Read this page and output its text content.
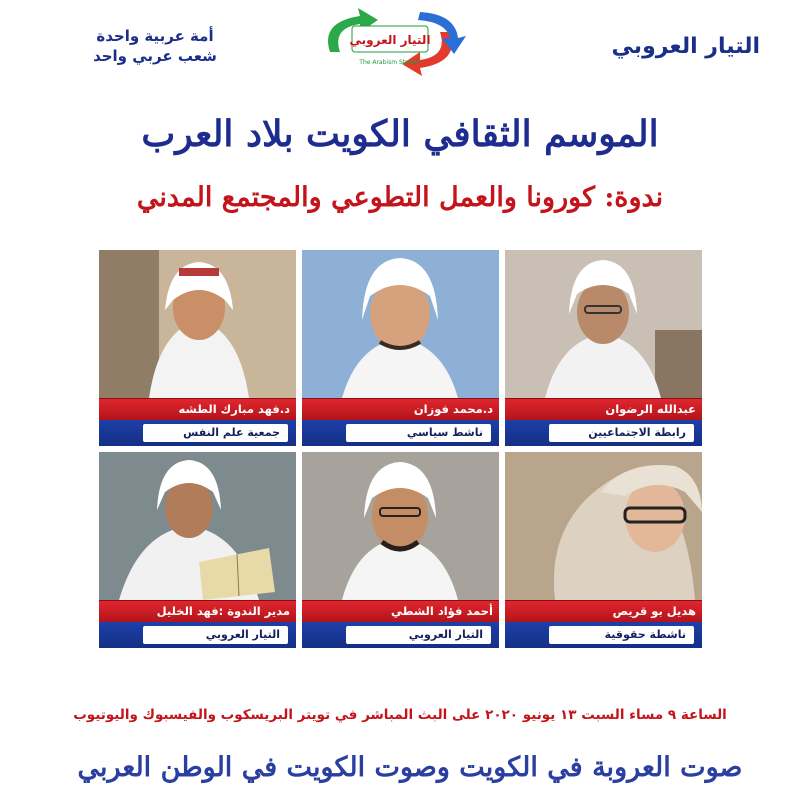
أمة عربية واحدة
شعب عربي واحد
التيار العروبي
The Arabism Stream
التيار العروبي
الموسم الثقافي الكويت بلاد العرب
ندوة: كورونا والعمل التطوعي والمجتمع المدني
د.فهد مبارك الطشه
جمعية علم النفس
د.محمد فوزان
ناشط سياسي
عبدالله الرضوان
رابطة الاجتماعيين
مدير الندوة :فهد الخليل
التيار العروبي
أحمد فؤاد الشطي
التيار العروبي
هديل بو قريص
ناشطة حقوقية
الساعة ٩ مساء السبت ١٣ يونيو ٢٠٢٠ على البث المباشر في تويتر البريسكوب والفيسبوك واليوتيوب
صوت العروبة في الكويت وصوت الكويت في الوطن العربي
